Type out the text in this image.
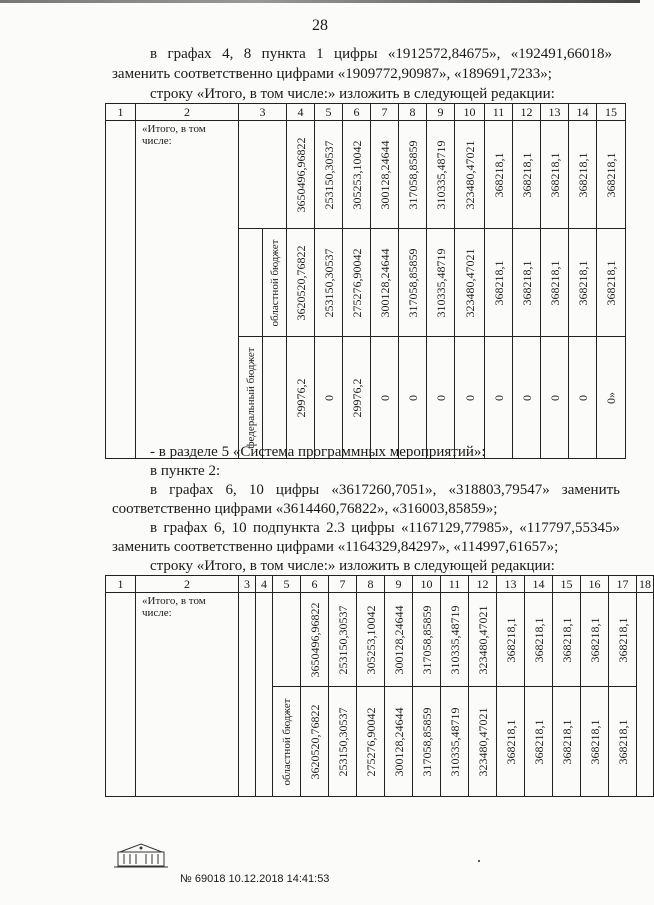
28
в графах 4, 8 пункта 1 цифры «1912572,84675», «192491,66018»
заменить соответственно цифрами «1909772,90987», «189691,7233»;
строку «Итого, в том числе:» изложить в следующей редакции:
1	2	3		4	5	6	7	8	9	10	11	12	13	14	15
	«Итого, в том числе:			3650496,96822	253150,30537	305253,10042	300128,24644	317058,85859	310335,48719	323480,47021	368218,1	368218,1	368218,1	368218,1	368218,1

			областной бюджет	3620520,76822	253150,30537	275276,90042	300128,24644	317058,85859	310335,48719	323480,47021	368218,1	368218,1	368218,1	368218,1	368218,1

		федеральный бюджет		29976,2	0	29976,2	0	0	0	0	0	0	0	0	0»
- в разделе 5 «Система программных мероприятий»:
в пункте 2:
в графах 6, 10 цифры «3617260,7051», «318803,79547» заменить
соответственно цифрами «3614460,76822», «316003,85859»;
в графах 6, 10 подпункта 2.3 цифры «1167129,77985», «117797,55345»
заменить соответственно цифрами «1164329,84297», «114997,61657»;
строку «Итого, в том числе:» изложить в следующей редакции:
1	2	3	4	5	6	7	8	9	10	11	12	13	14	15	16	17	18
	«Итого, в том числе:				3650496,96822	253150,30537	305253,10042	300128,24644	317058,85859	310335,48719	323480,47021	368218,1	368218,1	368218,1	368218,1	368218,1	

				областной бюджет	3620520,76822	253150,30537	275276,90042	300128,24644	317058,85859	310335,48719	323480,47021	368218,1	368218,1	368218,1	368218,1	368218,1	
№ 69018 10.12.2018 14:41:53
